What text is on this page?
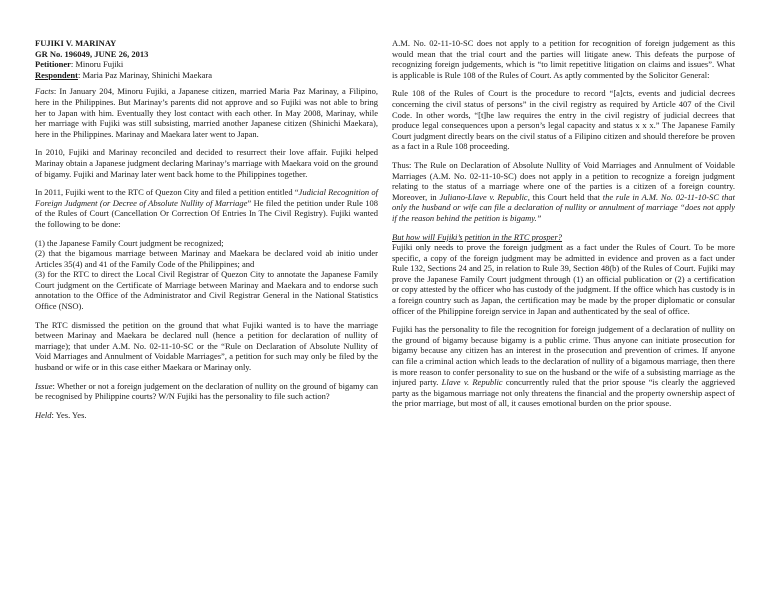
FUJIKI V. MARINAY
GR No. 196049, JUNE 26, 2013
Petitioner: Minoru Fujiki
Respondent: Maria Paz Marinay, Shinichi Maekara

Facts: In January 204, Minoru Fujiki, a Japanese citizen, married Maria Paz Marinay, a Filipino, here in the Philippines. But Marinay’s parents did not approve and so Fujiki was not able to bring her to Japan with him. Eventually they lost contact with each other. In May 2008, Marinay, while her marriage with Fujiki was still subsisting, married another Japanese citizen (Shinichi Maekara), here in the Philippines. Marinay and Maekara later went to Japan.

In 2010, Fujiki and Marinay reconciled and decided to resurrect their love affair. Fujiki helped Marinay obtain a Japanese judgment declaring Marinay’s marriage with Maekara void on the ground of bigamy. Fujiki and Marinay later went back home to the Philippines together.

In 2011, Fujiki went to the RTC of Quezon City and filed a petition entitled “Judicial Recognition of Foreign Judgment (or Decree of Absolute Nullity of Marriage” He filed the petition under Rule 108 of the Rules of Court (Cancellation Or Correction Of Entries In The Civil Registry). Fujiki wanted the following to be done:

(1) the Japanese Family Court judgment be recognized;
(2) that the bigamous marriage between Marinay and Maekara be declared void ab initio under Articles 35(4) and 41 of the Family Code of the Philippines; and
(3) for the RTC to direct the Local Civil Registrar of Quezon City to annotate the Japanese Family Court judgment on the Certificate of Marriage between Marinay and Maekara and to endorse such annotation to the Office of the Administrator and Civil Registrar General in the National Statistics Office (NSO).

The RTC dismissed the petition on the ground that what Fujiki wanted is to have the marriage between Marinay and Maekara be declared null (hence a petition for declaration of nullity of marriage); that under A.M. No. 02-11-10-SC or the “Rule on Declaration of Absolute Nullity of Void Marriages and Annulment of Voidable Marriages”, a petition for such may only be filed by the husband or wife or in this case either Maekara or Marinay only.

Issue: Whether or not a foreign judgement on the declaration of nullity on the ground of bigamy can be recognised by Philippine courts? W/N Fujiki has the personality to file such action?

Held: Yes. Yes.

A.M. No. 02-11-10-SC does not apply to a petition for recognition of foreign judgement as this would mean that the trial court and the parties will litigate anew. This defeats the purpose of recognizing foreign judgements, which is “to limit repetitive litigation on claims and issues”. What is applicable is Rule 108 of the Rules of Court. As aptly commented by the Solicitor General:

Rule 108 of the Rules of Court is the procedure to record “[a]cts, events and judicial decrees concerning the civil status of persons” in the civil registry as required by Article 407 of the Civil Code. In other words, “[t]he law requires the entry in the civil registry of judicial decrees that produce legal consequences upon a person’s legal capacity and status x x x.” The Japanese Family Court judgment directly bears on the civil status of a Filipino citizen and should therefore be proven as a fact in a Rule 108 proceeding.

Thus: The Rule on Declaration of Absolute Nullity of Void Marriages and Annulment of Voidable Marriages (A.M. No. 02-11-10-SC) does not apply in a petition to recognize a foreign judgment relating to the status of a marriage where one of the parties is a citizen of a foreign country. Moreover, in Juliano-Llave v. Republic, this Court held that the rule in A.M. No. 02-11-10-SC that only the husband or wife can file a declaration of nullity or annulment of marriage “does not apply if the reason behind the petition is bigamy.”

But how will Fujiki’s petition in the RTC prosper?
Fujiki only needs to prove the foreign judgment as a fact under the Rules of Court. To be more specific, a copy of the foreign judgment may be admitted in evidence and proven as a fact under Rule 132, Sections 24 and 25, in relation to Rule 39, Section 48(b) of the Rules of Court. Fujiki may prove the Japanese Family Court judgment through (1) an official publication or (2) a certification or copy attested by the officer who has custody of the judgment. If the office which has custody is in a foreign country such as Japan, the certification may be made by the proper diplomatic or consular officer of the Philippine foreign service in Japan and authenticated by the seal of office.

Fujiki has the personality to file the recognition for foreign judgement of a declaration of nullity on the ground of bigamy because bigamy is a public crime. Thus anyone can initiate prosecution for bigamy because any citizen has an interest in the prosecution and prevention of crimes. If anyone can file a criminal action which leads to the declaration of nullity of a bigamous marriage, then there is more reason to confer personality to sue on the husband or the wife of a subsisting marriage as the injured party. Llave v. Republic concurrently ruled that the prior spouse “is clearly the aggrieved party as the bigamous marriage not only threatens the financial and the property ownership aspect of the prior marriage, but most of all, it causes emotional burden on the prior spouse.
